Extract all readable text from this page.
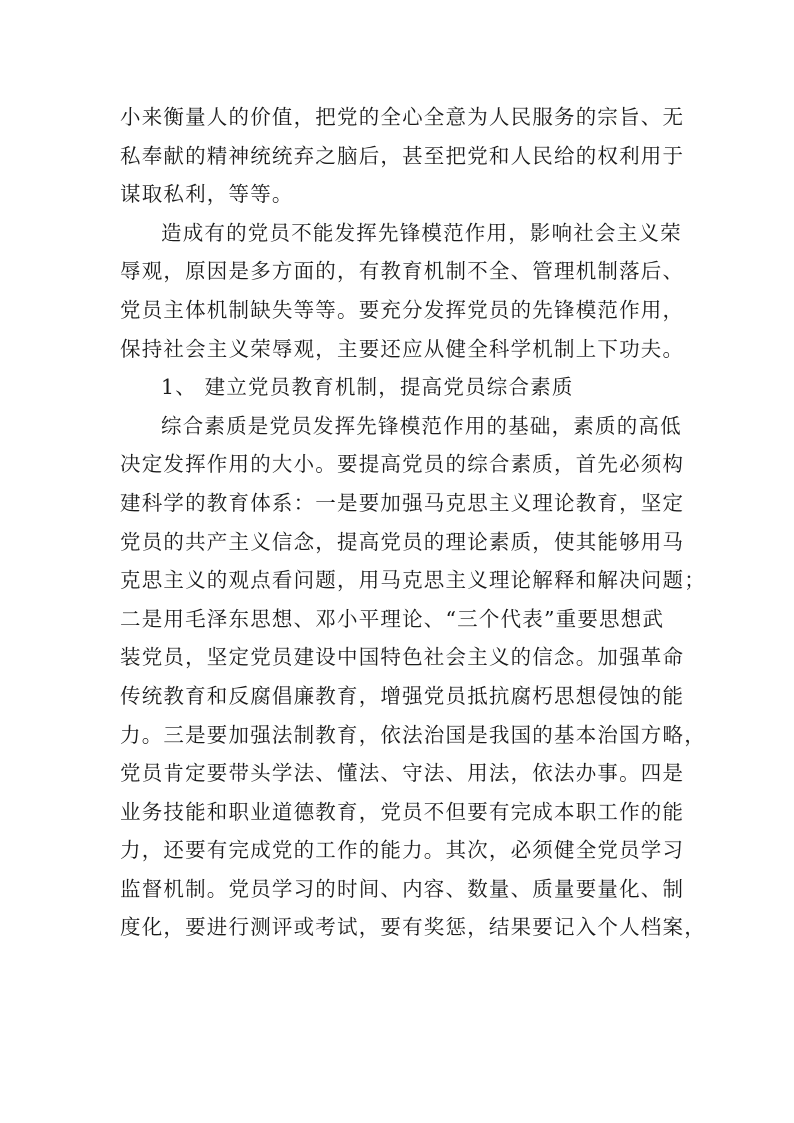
小来衡量人的价值，把党的全心全意为人民服务的宗旨、无
私奉献的精神统统弃之脑后，甚至把党和人民给的权利用于
谋取私利，等等。
造成有的党员不能发挥先锋模范作用，影响社会主义荣
辱观，原因是多方面的，有教育机制不全、管理机制落后、
党员主体机制缺失等等。要充分发挥党员的先锋模范作用，
保持社会主义荣辱观，主要还应从健全科学机制上下功夫。
1、 建立党员教育机制，提高党员综合素质
综合素质是党员发挥先锋模范作用的基础，素质的高低
决定发挥作用的大小。要提高党员的综合素质，首先必须构
建科学的教育体系：一是要加强马克思主义理论教育，坚定
党员的共产主义信念，提高党员的理论素质，使其能够用马
克思主义的观点看问题，用马克思主义理论解释和解决问题；
二是用毛泽东思想、邓小平理论、“三个代表”重要思想武
装党员，坚定党员建设中国特色社会主义的信念。加强革命
传统教育和反腐倡廉教育，增强党员抵抗腐朽思想侵蚀的能
力。三是要加强法制教育，依法治国是我国的基本治国方略，
党员肯定要带头学法、懂法、守法、用法，依法办事。四是
业务技能和职业道德教育，党员不但要有完成本职工作的能
力，还要有完成党的工作的能力。其次，必须健全党员学习
监督机制。党员学习的时间、内容、数量、质量要量化、制
度化，要进行测评或考试，要有奖惩，结果要记入个人档案，
